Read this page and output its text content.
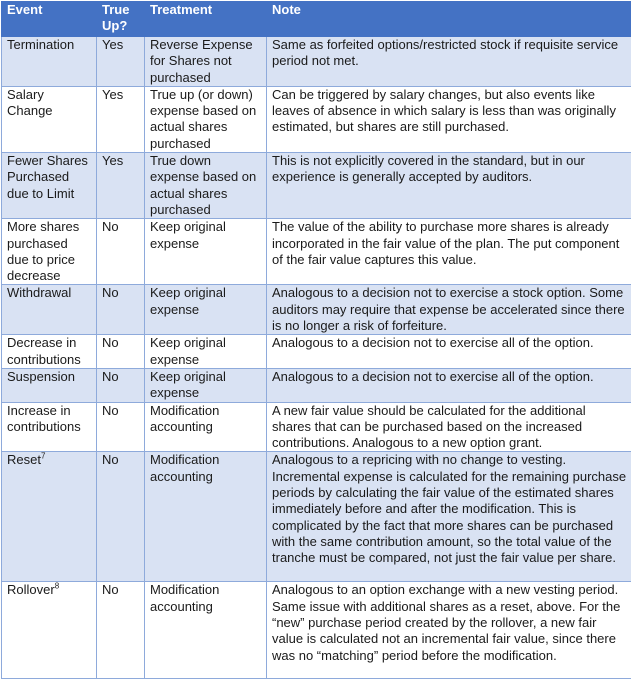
Event	True Up?	Treatment	Note
Termination	Yes	Reverse Expense for Shares not purchased	Same as forfeited options/restricted stock if requisite service period not met.
Salary Change	Yes	True up (or down) expense based on actual shares purchased	Can be triggered by salary changes, but also events like leaves of absence in which salary is less than was originally estimated, but shares are still purchased.
Fewer Shares Purchased due to Limit	Yes	True down expense based on actual shares purchased	This is not explicitly covered in the standard, but in our experience is generally accepted by auditors.
More shares purchased due to price decrease	No	Keep original expense	The value of the ability to purchase more shares is already incorporated in the fair value of the plan. The put component of the fair value captures this value.
Withdrawal	No	Keep original expense	Analogous to a decision not to exercise a stock option. Some auditors may require that expense be accelerated since there is no longer a risk of forfeiture.
Decrease in contributions	No	Keep original expense	Analogous to a decision not to exercise all of the option.
Suspension	No	Keep original expense	Analogous to a decision not to exercise all of the option.
Increase in contributions	No	Modification accounting	A new fair value should be calculated for the additional shares that can be purchased based on the increased contributions. Analogous to a new option grant.
Reset$^7$	No	Modification accounting	Analogous to a repricing with no change to vesting. Incremental expense is calculated for the remaining purchase periods by calculating the fair value of the estimated shares immediately before and after the modification. This is complicated by the fact that more shares can be purchased with the same contribution amount, so the total value of the tranche must be compared, not just the fair value per share.
Rollover$^8$	No	Modification accounting	Analogous to an option exchange with a new vesting period. Same issue with additional shares as a reset, above. For the “new” purchase period created by the rollover, a new fair value is calculated not an incremental fair value, since there was no “matching” period before the modification.
